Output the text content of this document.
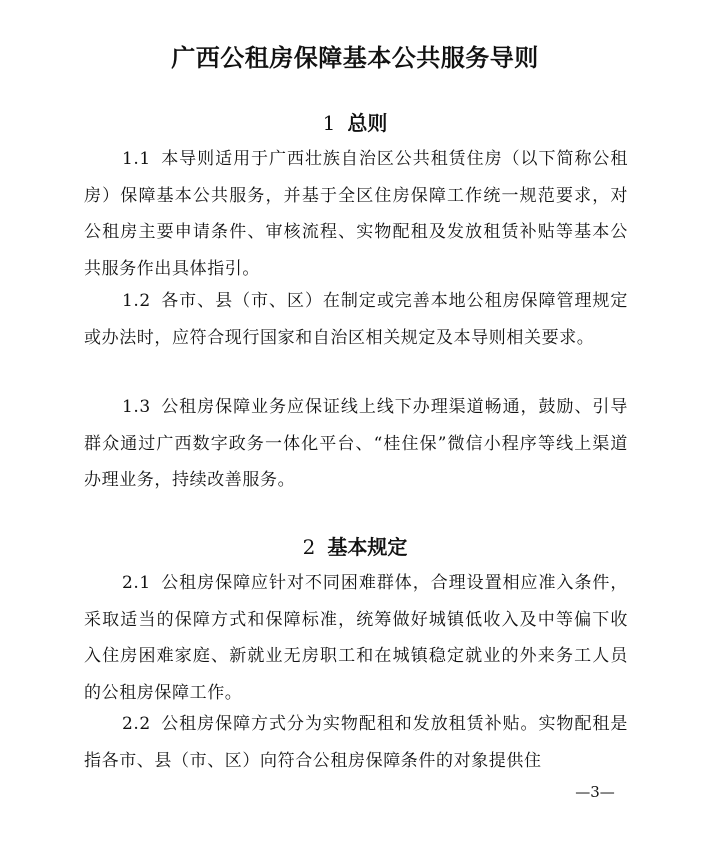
广西公租房保障基本公共服务导则
1 总则
1.1 本导则适用于广西壮族自治区公共租赁住房（以下简称公租房）保障基本公共服务，并基于全区住房保障工作统一规范要求，对公租房主要申请条件、审核流程、实物配租及发放租赁补贴等基本公共服务作出具体指引。
1.2 各市、县（市、区）在制定或完善本地公租房保障管理规定或办法时，应符合现行国家和自治区相关规定及本导则相关要求。
1.3 公租房保障业务应保证线上线下办理渠道畅通，鼓励、引导群众通过广西数字政务一体化平台、“桂住保”微信小程序等线上渠道办理业务，持续改善服务。
2 基本规定
2.1 公租房保障应针对不同困难群体，合理设置相应准入条件，采取适当的保障方式和保障标准，统筹做好城镇低收入及中等偏下收入住房困难家庭、新就业无房职工和在城镇稳定就业的外来务工人员的公租房保障工作。
2.2 公租房保障方式分为实物配租和发放租赁补贴。实物配租是指各市、县（市、区）向符合公租房保障条件的对象提供住
—3—
